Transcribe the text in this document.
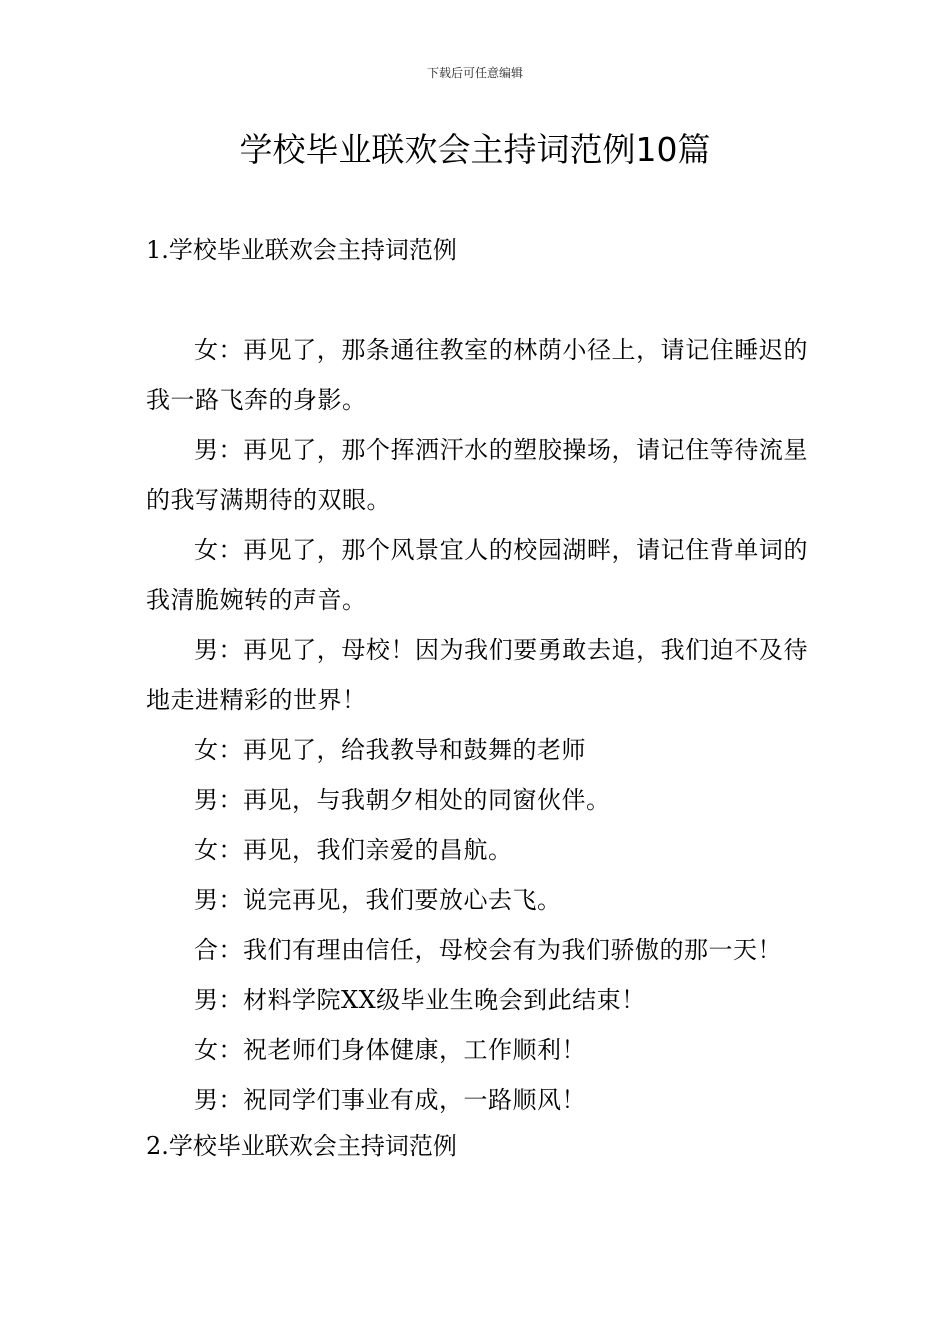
下载后可任意编辑
学校毕业联欢会主持词范例10篇
1.学校毕业联欢会主持词范例

女：再见了，那条通往教室的林荫小径上，请记住睡迟的我一路飞奔的身影。

男：再见了，那个挥洒汗水的塑胶操场，请记住等待流星的我写满期待的双眼。

女：再见了，那个风景宜人的校园湖畔，请记住背单词的我清脆婉转的声音。

男：再见了，母校！因为我们要勇敢去追，我们迫不及待地走进精彩的世界！

女：再见了，给我教导和鼓舞的老师

男：再见，与我朝夕相处的同窗伙伴。

女：再见，我们亲爱的昌航。

男：说完再见，我们要放心去飞。

合：我们有理由信任，母校会有为我们骄傲的那一天！

男：材料学院XX级毕业生晚会到此结束！

女：祝老师们身体健康，工作顺利！

男：祝同学们事业有成，一路顺风！

2.学校毕业联欢会主持词范例
